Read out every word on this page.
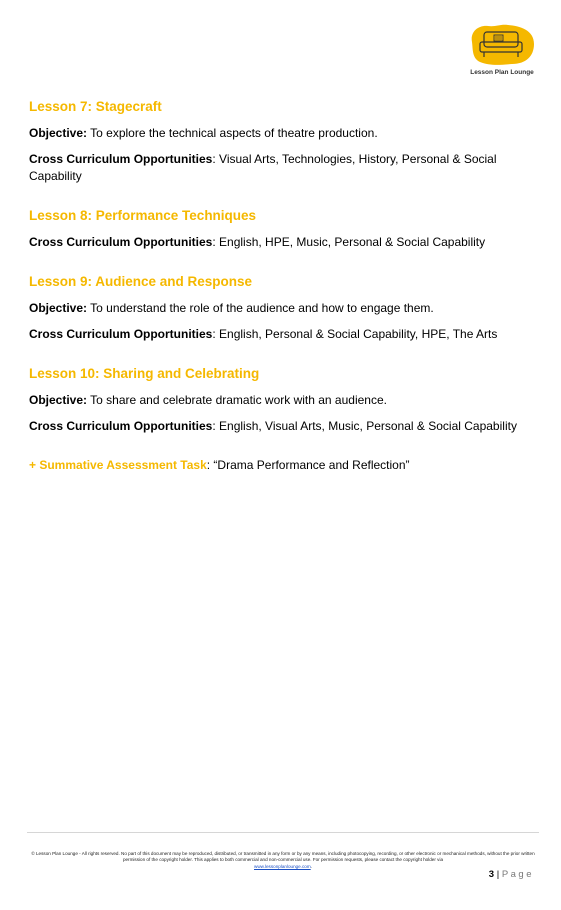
Lesson Plan Lounge
Lesson 7: Stagecraft
Objective: To explore the technical aspects of theatre production.
Cross Curriculum Opportunities: Visual Arts, Technologies, History, Personal & Social Capability
Lesson 8: Performance Techniques
Cross Curriculum Opportunities: English, HPE, Music, Personal & Social Capability
Lesson 9: Audience and Response
Objective: To understand the role of the audience and how to engage them.
Cross Curriculum Opportunities: English, Personal & Social Capability, HPE, The Arts
Lesson 10: Sharing and Celebrating
Objective: To share and celebrate dramatic work with an audience.
Cross Curriculum Opportunities: English, Visual Arts, Music, Personal & Social Capability
+ Summative Assessment Task: “Drama Performance and Reflection”
© Lesson Plan Lounge - All rights reserved. No part of this document may be reproduced, distributed, or transmitted in any form or by any means, including photocopying, recording, or other electronic or mechanical methods, without the prior written permission of the copyright holder. This applies to both commercial and non-commercial use. For permission requests, please contact the copyright holder via
www.lessonplanlounge.com.
3 | Page
